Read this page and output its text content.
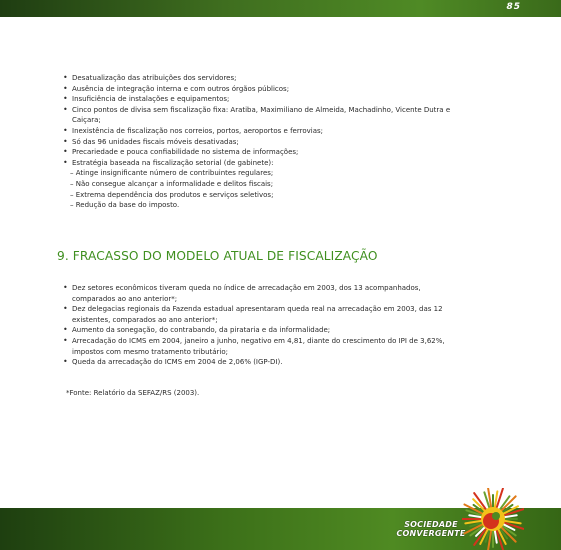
85
• Desatualização das atribuições dos servidores;
• Ausência de integração interna e com outros órgãos públicos;
• Insuficiência de instalações e equipamentos;
• Cinco pontos de divisa sem fiscalização fixa: Aratiba, Maximiliano de Almeida, Machadinho, Vicente Dutra e Caiçara;
• Inexistência de fiscalização nos correios, portos, aeroportos e ferrovias;
• Só das 96 unidades fiscais móveis desativadas;
• Precariedade e pouca confiabilidade no sistema de informações;
• Estratégia baseada na fiscalização setorial (de gabinete):
– Atinge insignificante número de contribuintes regulares;
– Não consegue alcançar a informalidade e delitos fiscais;
– Extrema dependência dos produtos e serviços seletivos;
– Redução da base do imposto.
9. FRACASSO DO MODELO ATUAL DE FISCALIZAÇÃO
• Dez setores econômicos tiveram queda no índice de arrecadação em 2003, dos 13 acompanhados, comparados ao ano anterior*;
• Dez delegacias regionais da Fazenda estadual apresentaram queda real na arrecadação em 2003, das 12 existentes, comparados ao ano anterior*;
• Aumento da sonegação, do contrabando, da pirataria e da informalidade;
• Arrecadação do ICMS em 2004, janeiro a junho, negativo em 4,81, diante do crescimento do IPI de 3,62%, impostos com mesmo tratamento tributário;
• Queda da arrecadação do ICMS em 2004 de 2,06% (IGP-DI).

*Fonte: Relatório da SEFAZ/RS (2003).

SOCIEDADE
CONVERGENTE
